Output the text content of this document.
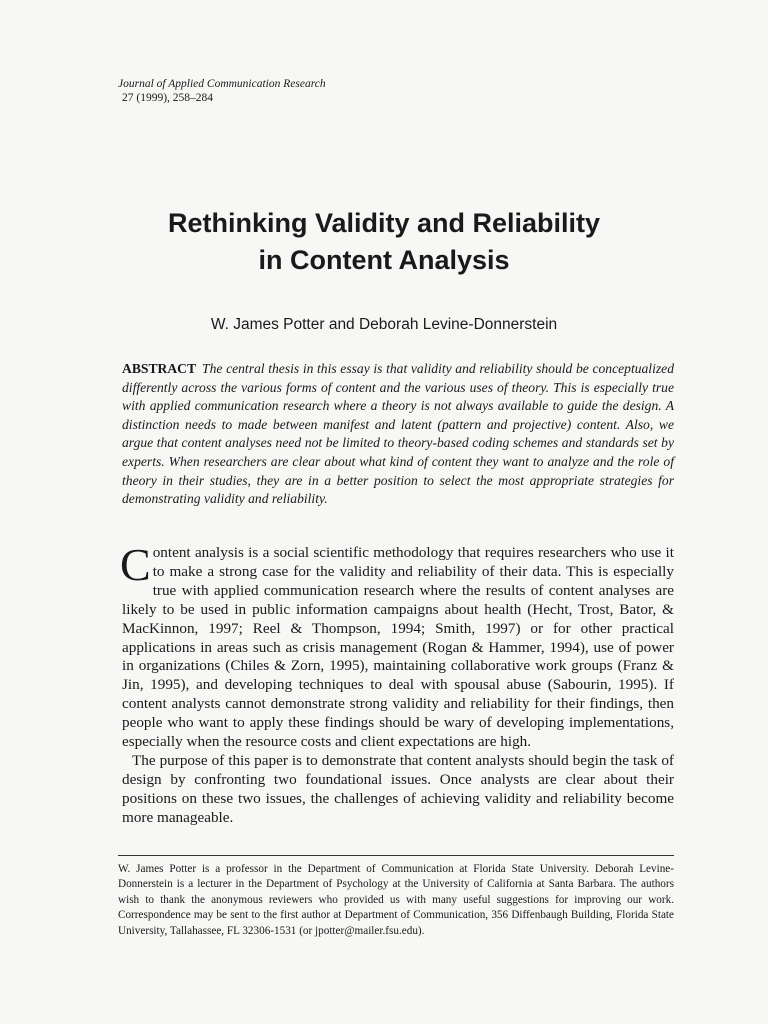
Journal of Applied Communication Research
27 (1999), 258–284
Rethinking Validity and Reliability
in Content Analysis
W. James Potter and Deborah Levine-Donnerstein
ABSTRACT The central thesis in this essay is that validity and reliability should be conceptualized differently across the various forms of content and the various uses of theory. This is especially true with applied communication research where a theory is not always available to guide the design. A distinction needs to made between manifest and latent (pattern and projective) content. Also, we argue that content analyses need not be limited to theory-based coding schemes and standards set by experts. When researchers are clear about what kind of content they want to analyze and the role of theory in their studies, they are in a better position to select the most appropriate strategies for demonstrating validity and reliability.

Content analysis is a social scientific methodology that requires researchers who use it to make a strong case for the validity and reliability of their data. This is especially true with applied communication research where the results of content analyses are likely to be used in public information campaigns about health (Hecht, Trost, Bator, & MacKinnon, 1997; Reel & Thompson, 1994; Smith, 1997) or for other practical applications in areas such as crisis management (Rogan & Hammer, 1994), use of power in organizations (Chiles & Zorn, 1995), maintaining collaborative work groups (Franz & Jin, 1995), and developing techniques to deal with spousal abuse (Sabourin, 1995). If content analysts cannot demonstrate strong validity and reliability for their findings, then people who want to apply these findings should be wary of developing implementations, especially when the resource costs and client expectations are high.

The purpose of this paper is to demonstrate that content analysts should begin the task of design by confronting two foundational issues. Once analysts are clear about their positions on these two issues, the challenges of achieving validity and reliability become more manageable.

W. James Potter is a professor in the Department of Communication at Florida State University. Deborah Levine-Donnerstein is a lecturer in the Department of Psychology at the University of California at Santa Barbara. The authors wish to thank the anonymous reviewers who provided us with many useful suggestions for improving our work. Correspondence may be sent to the first author at Department of Communication, 356 Diffenbaugh Building, Florida State University, Tallahassee, FL 32306-1531 (or jpotter@mailer.fsu.edu).
